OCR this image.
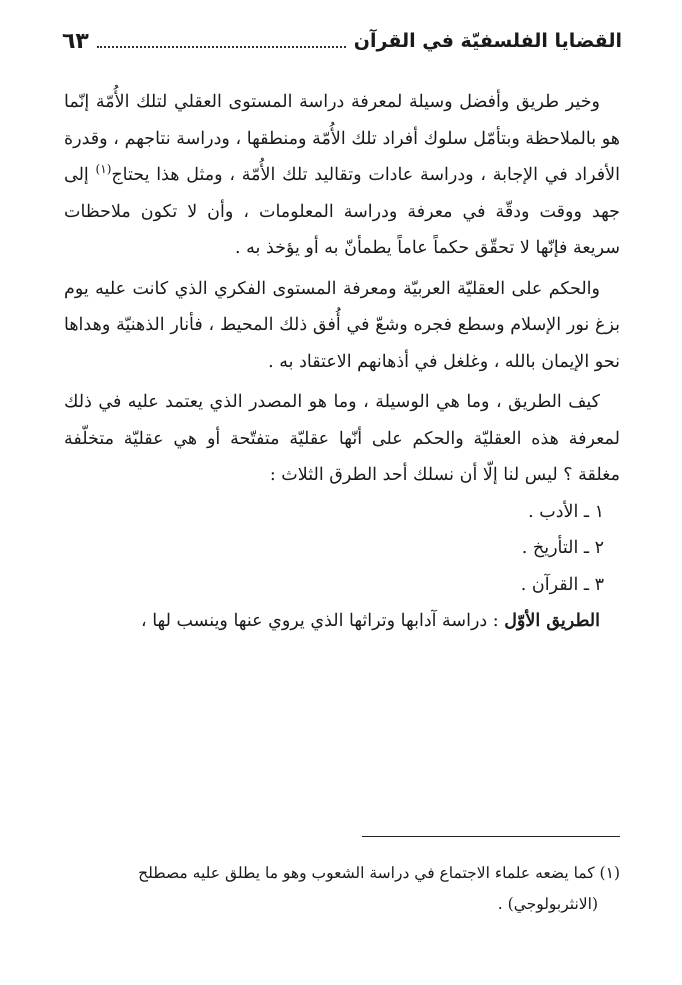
القضايا الفلسفيّة في القرآن
٦٣

وخير طريق وأفضل وسيلة لمعرفة دراسة المستوى العقلي لتلك الأُمّة إنّما هو بالملاحظة وبتأمّل سلوك أفراد تلك الأُمّة ومنطقها ، ودراسة نتاجهم ، وقدرة الأفراد في الإجابة ، ودراسة عادات وتقاليد تلك الأُمّة ، ومثل هذا يحتاج$^{(١)}$ إلى جهد ووقت ودقّة في معرفة ودراسة المعلومات ، وأن لا تكون ملاحظات سريعة فإنّها لا تحقّق حكماً عاماً يطمأنّ به أو يؤخذ به .

والحكم على العقليّة العربيّة ومعرفة المستوى الفكري الذي كانت عليه يوم بزغ نور الإسلام وسطع فجره وشعّ في أُفق ذلك المحيط ، فأنار الذهنيّة وهداها نحو الإيمان بالله ، وغلغل في أذهانهم الاعتقاد به .

كيف الطريق ، وما هي الوسيلة ، وما هو المصدر الذي يعتمد عليه في ذلك لمعرفة هذه العقليّة والحكم على أنّها عقليّة متفتّحة أو هي عقليّة متخلّفة مغلقة ؟ ليس لنا إلّا أن نسلك أحد الطرق الثلاث :

١ ـ الأدب .

٢ ـ التأريخ .

٣ ـ القرآن .

الطريق الأوّل : دراسة آدابها وتراثها الذي يروي عنها وينسب لها ،

(١) كما يضعه علماء الاجتماع في دراسة الشعوب وهو ما يطلق عليه مصطلح

(الانثربولوجي) .
